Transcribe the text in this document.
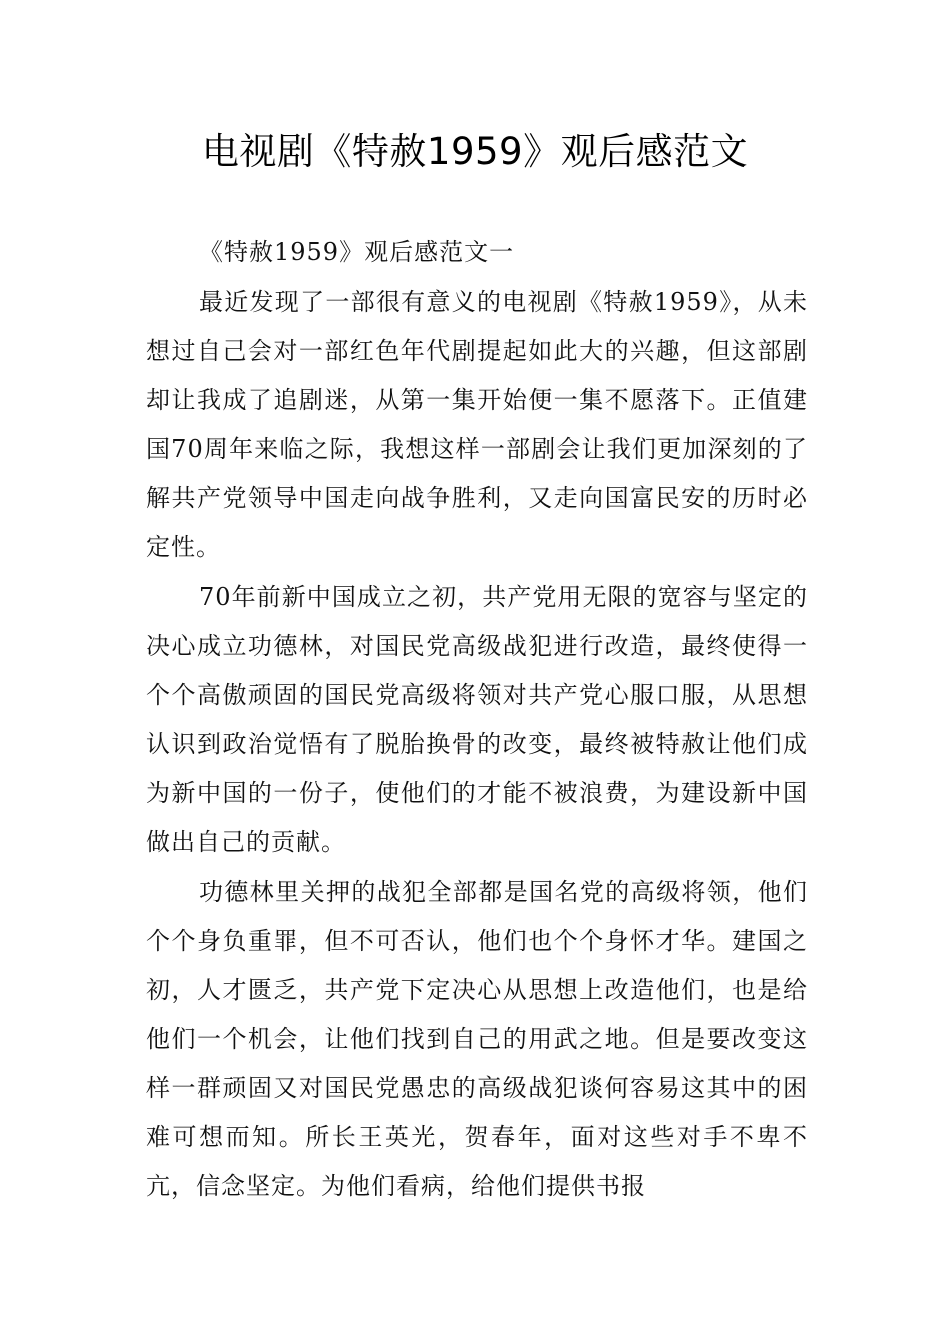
电视剧《特赦1959》观后感范文

《特赦1959》观后感范文一

最近发现了一部很有意义的电视剧《特赦1959》，从未想过自己会对一部红色年代剧提起如此大的兴趣，但这部剧却让我成了追剧迷，从第一集开始便一集不愿落下。正值建国70周年来临之际，我想这样一部剧会让我们更加深刻的了解共产党领导中国走向战争胜利，又走向国富民安的历时必定性。

70年前新中国成立之初，共产党用无限的宽容与坚定的决心成立功德林，对国民党高级战犯进行改造，最终使得一个个高傲顽固的国民党高级将领对共产党心服口服，从思想认识到政治觉悟有了脱胎换骨的改变，最终被特赦让他们成为新中国的一份子，使他们的才能不被浪费，为建设新中国做出自己的贡献。

功德林里关押的战犯全部都是国名党的高级将领，他们个个身负重罪，但不可否认，他们也个个身怀才华。建国之初，人才匮乏，共产党下定决心从思想上改造他们，也是给他们一个机会，让他们找到自己的用武之地。但是要改变这样一群顽固又对国民党愚忠的高级战犯谈何容易这其中的困难可想而知。所长王英光，贺春年，面对这些对手不卑不亢，信念坚定。为他们看病，给他们提供书报
